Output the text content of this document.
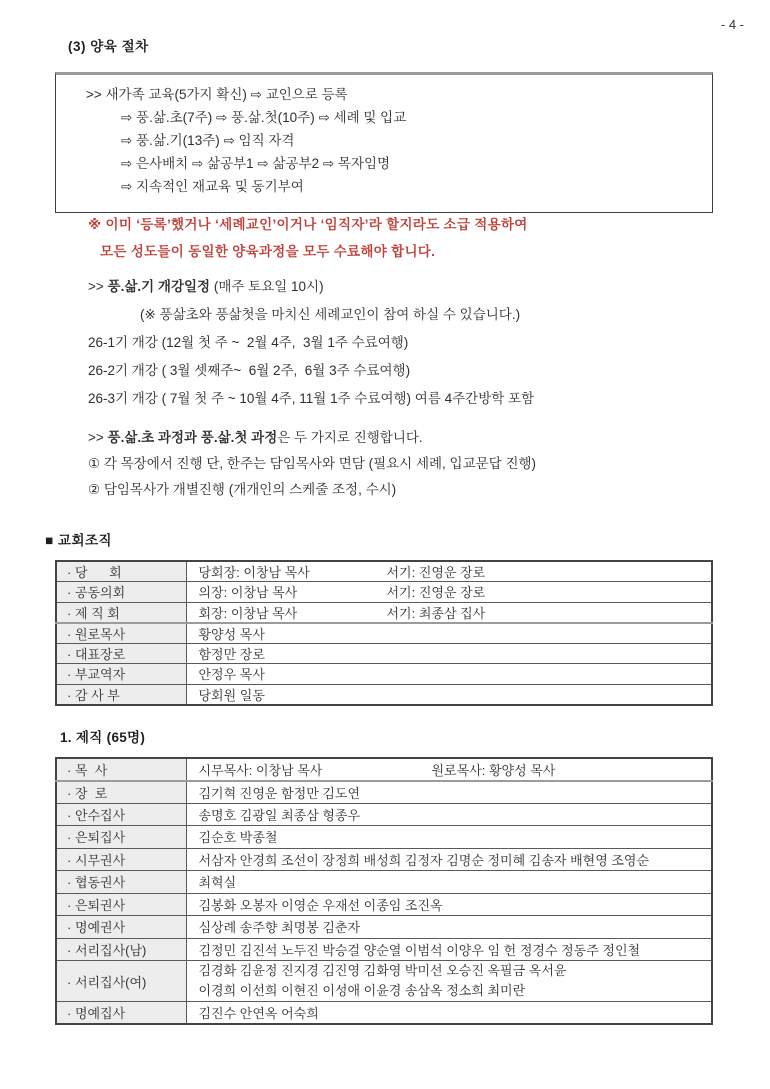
- 4 -
(3) 양육 절차
>> 새가족 교육(5가지 확신) ⇨ 교인으로 등록
⇨ 풍.삶.초(7주) ⇨ 풍.삶.첫(10주) ⇨ 세례 및 입교
⇨ 풍.삶.기(13주) ⇨ 임직 자격
⇨ 은사배치 ⇨ 삶공부1 ⇨ 삶공부2 ⇨ 목자임명
⇨ 지속적인 재교육 및 동기부여
※ 이미 ‘등록’했거나 ‘세례교인’이거나 ‘임직자’라 할지라도 소급 적용하여
모든 성도들이 동일한 양육과정을 모두 수료해야 합니다.
>> 풍.삶.기 개강일정 (매주 토요일 10시)
(※ 풍삶초와 풍삶첫을 마치신 세례교인이 참여 하실 수 있습니다.)
26-1기 개강 (12월 첫 주 ~  2월 4주,  3월 1주 수료여행)
26-2기 개강 ( 3월 셋째주~  6월 2주,  6월 3주 수료여행)
26-3기 개강 ( 7월 첫 주 ~ 10월 4주, 11월 1주 수료여행) 여름 4주간방학 포함
>> 풍.삶.초 과정과 풍.삶.첫 과정은 두 가지로 진행합니다.
① 각 목장에서 진행 단, 한주는 담임목사와 면담 (필요시 세례, 입교문답 진행)
② 담임목사가 개별진행 (개개인의 스케줄 조정, 수시)
■ 교회조직
· 당      회	당회장: 이창남 목사 서기: 진영운 장로
· 공동의회	의장: 이창남 목사 서기: 진영운 장로
· 제 직 회	회장: 이창남 목사 서기: 최종삼 집사
· 원로목사	황양성 목사
· 대표장로	함정만 장로
· 부교역자	안정우 목사
· 감 사 부	당회원 일동
1. 제직 (65명)
· 목  사	시무목사: 이창남 목사 원로목사: 황양성 목사
· 장  로	김기혁 진영운 함정만 김도연
· 안수집사	송명호 김광일 최종삼 형종우
· 은퇴집사	김순호 박종철
· 시무권사	서삼자 안경희 조선이 장정희 배성희 김정자 김명순 정미혜 김송자 배현영 조영순
· 협동권사	최혁실
· 은퇴권사	김봉화 오봉자 이영순 우재선 이종임 조진옥
· 명예권사	심상례 송주향 최명봉 김춘자
· 서리집사(남)	김정민 김진석 노두진 박승걸 양순열 이범석 이양우 임 헌 정경수 정동주 정인철
· 서리집사(여)	김경화 김윤정 진지경 김진영 김화영 박미선 오승진 옥필금 옥서윤
이경희 이선희 이현진 이성애 이윤경 송삼옥 정소희 최미란

· 명예집사	김진수 안연옥 어숙희
